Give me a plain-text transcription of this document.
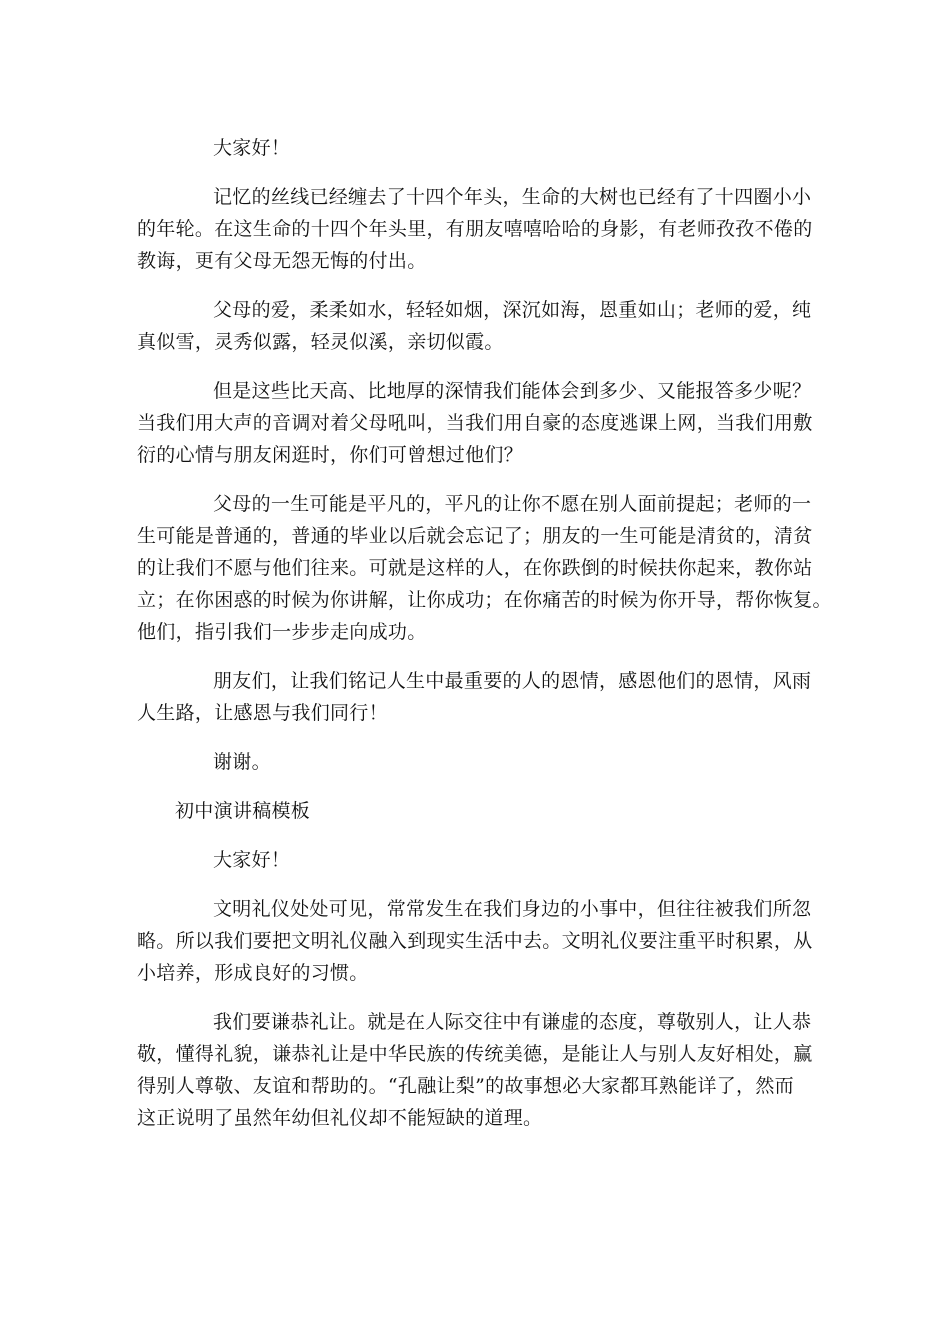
大家好！
记忆的丝线已经缠去了十四个年头，生命的大树也已经有了十四圈小小
的年轮。在这生命的十四个年头里，有朋友嘻嘻哈哈的身影，有老师孜孜不倦的
教诲，更有父母无怨无悔的付出。
父母的爱，柔柔如水，轻轻如烟，深沉如海，恩重如山；老师的爱，纯
真似雪，灵秀似露，轻灵似溪，亲切似霞。
但是这些比天高、比地厚的深情我们能体会到多少、又能报答多少呢？
当我们用大声的音调对着父母吼叫，当我们用自豪的态度逃课上网，当我们用敷
衍的心情与朋友闲逛时，你们可曾想过他们？
父母的一生可能是平凡的，平凡的让你不愿在别人面前提起；老师的一
生可能是普通的，普通的毕业以后就会忘记了；朋友的一生可能是清贫的，清贫
的让我们不愿与他们往来。可就是这样的人，在你跌倒的时候扶你起来，教你站
立；在你困惑的时候为你讲解，让你成功；在你痛苦的时候为你开导，帮你恢复。
他们，指引我们一步步走向成功。
朋友们，让我们铭记人生中最重要的人的恩情，感恩他们的恩情，风雨
人生路，让感恩与我们同行！
谢谢。
初中演讲稿模板
大家好！
文明礼仪处处可见，常常发生在我们身边的小事中，但往往被我们所忽
略。所以我们要把文明礼仪融入到现实生活中去。文明礼仪要注重平时积累，从
小培养，形成良好的习惯。
我们要谦恭礼让。就是在人际交往中有谦虚的态度，尊敬别人，让人恭
敬，懂得礼貌，谦恭礼让是中华民族的传统美德，是能让人与别人友好相处，赢
得别人尊敬、友谊和帮助的。“孔融让梨”的故事想必大家都耳熟能详了，然而
这正说明了虽然年幼但礼仪却不能短缺的道理。
